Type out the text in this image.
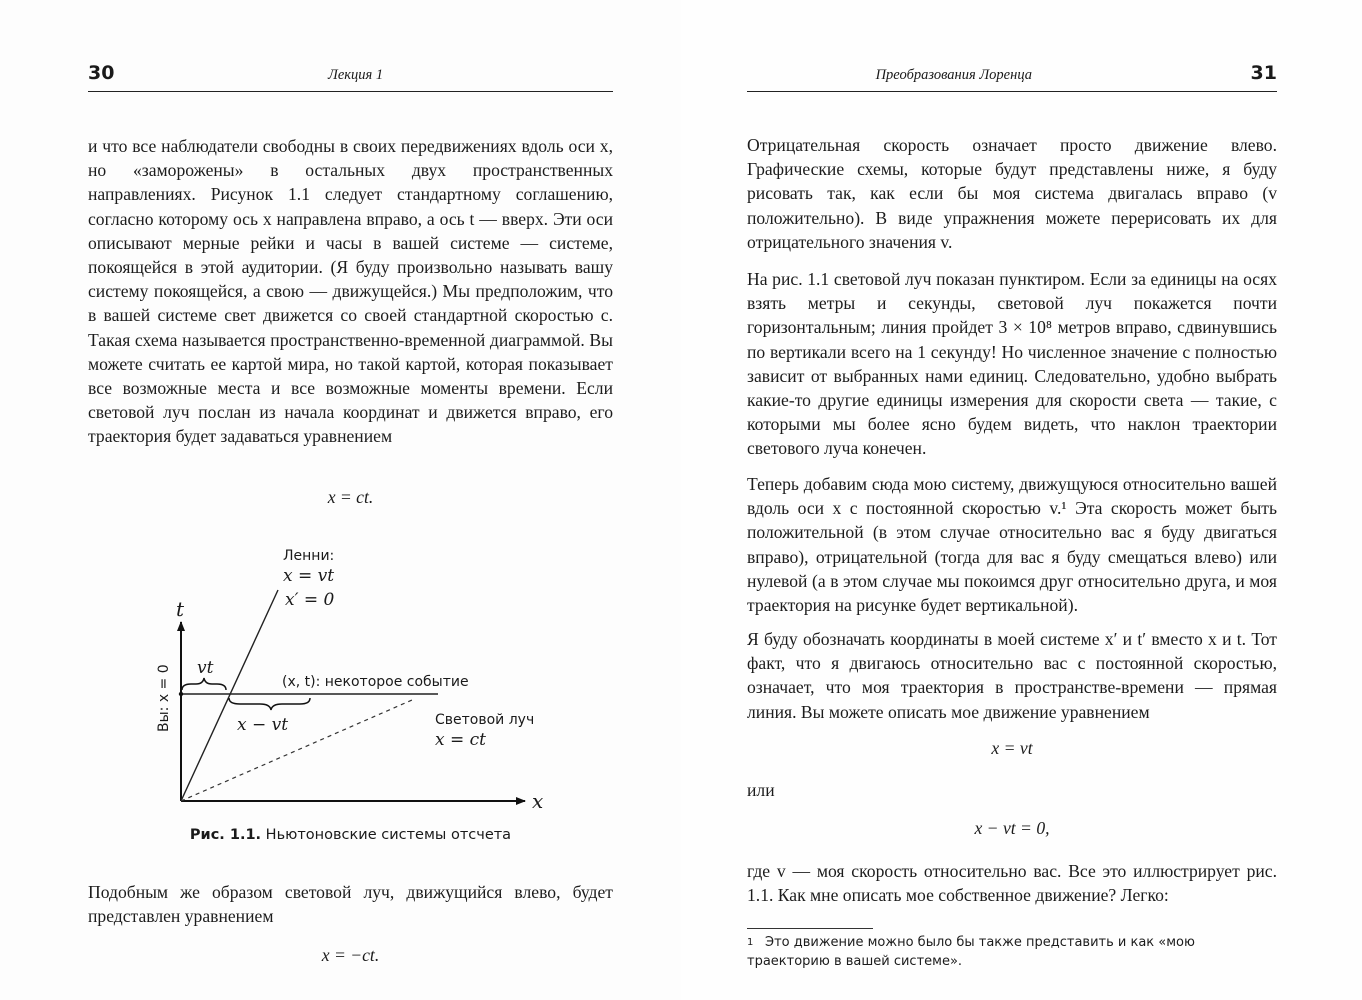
30	Лекция 1

и что все наблюдатели свободны в своих передвижениях вдоль оси x, но «заморожены» в остальных двух пространственных направлениях. Рисунок 1.1 следует стандартному соглашению, согласно которому ось x направлена вправо, а ось t — вверх. Эти оси описывают мерные рейки и часы в вашей системе — системе, покоящейся в этой аудитории. (Я буду произвольно называть вашу систему покоящейся, а свою — движущейся.) Мы предположим, что в вашей системе свет движется со своей стандартной скоростью c. Такая схема называется пространственно-временной диаграммой. Вы можете считать ее картой мира, но такой картой, которая показывает все возможные места и все возможные моменты времени. Если световой луч послан из начала координат и движется вправо, его траектория будет задаваться уравнением

x = ct.
t
x
Вы: x = 0
Ленни:
x = vt
x′ = 0
vt
x − vt
(x, t): некоторое событие
Световой луч
x = ct
Рис. 1.1. Ньютоновские системы отсчета

Подобным же образом световой луч, движущийся влево, будет представлен уравнением

x = −ct.
Преобразования Лоренца	31

Отрицательная скорость означает просто движение влево. Графические схемы, которые будут представлены ниже, я буду рисовать так, как если бы моя система двигалась вправо (v положительно). В виде упражнения можете перерисовать их для отрицательного значения v.

На рис. 1.1 световой луч показан пунктиром. Если за единицы на осях взять метры и секунды, световой луч покажется почти горизонтальным; линия пройдет 3 × 10⁸ метров вправо, сдвинувшись по вертикали всего на 1 секунду! Но численное значение c полностью зависит от выбранных нами единиц. Следовательно, удобно выбрать какие-то другие единицы измерения для скорости света — такие, с которыми мы более ясно будем видеть, что наклон траектории светового луча конечен.

Теперь добавим сюда мою систему, движущуюся относительно вашей вдоль оси x с постоянной скоростью v.¹ Эта скорость может быть положительной (в этом случае относительно вас я буду двигаться вправо), отрицательной (тогда для вас я буду смещаться влево) или нулевой (а в этом случае мы покоимся друг относительно друга, и моя траектория на рисунке будет вертикальной).

Я буду обозначать координаты в моей системе x′ и t′ вместо x и t. Тот факт, что я двигаюсь относительно вас с постоянной скоростью, означает, что моя траектория в пространстве-времени — прямая линия. Вы можете описать мое движение уравнением

x = vt

или

x − vt = 0,

где v — моя скорость относительно вас. Все это иллюстрирует рис. 1.1. Как мне описать мое собственное движение? Легко:

1 Это движение можно было бы также представить и как «мою траекторию в вашей системе».
